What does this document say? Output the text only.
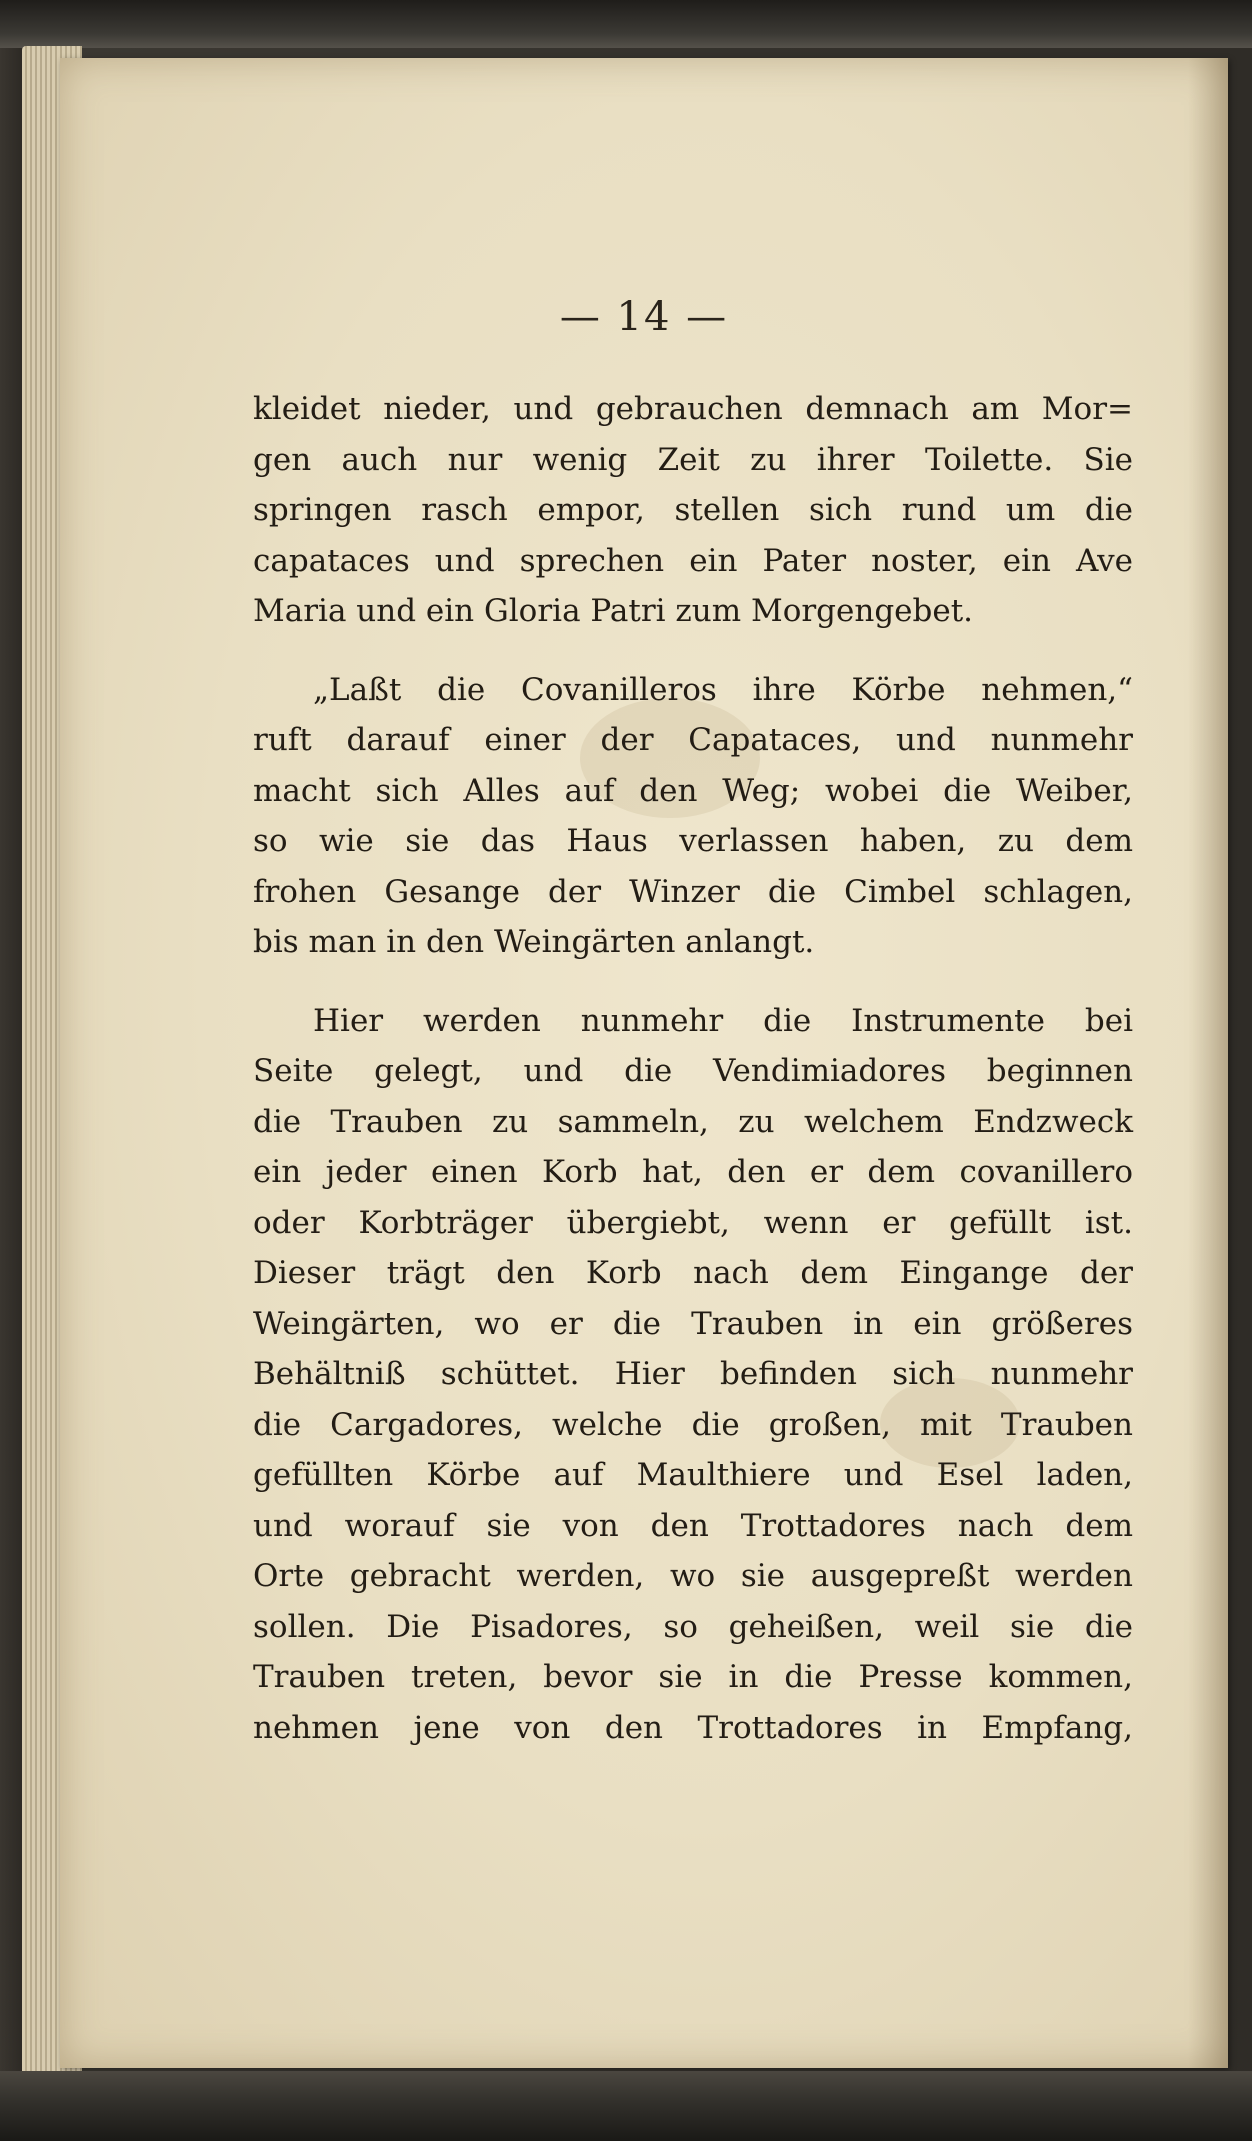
— 14 —
kleidet nieder, und gebrauchen demnach am Mor=
gen auch nur wenig Zeit zu ihrer Toilette. Sie
springen rasch empor, stellen sich rund um die
capataces und sprechen ein Pater noster, ein Ave
Maria und ein Gloria Patri zum Morgengebet.
„Laßt die Covanilleros ihre Körbe nehmen,“
ruft darauf einer der Capataces, und nunmehr
macht sich Alles auf den Weg; wobei die Weiber,
so wie sie das Haus verlassen haben, zu dem
frohen Gesange der Winzer die Cimbel schlagen,
bis man in den Weingärten anlangt.
Hier werden nunmehr die Instrumente bei
Seite gelegt, und die Vendimiadores beginnen
die Trauben zu sammeln, zu welchem Endzweck
ein jeder einen Korb hat, den er dem covanillero
oder Korbträger übergiebt, wenn er gefüllt ist.
Dieser trägt den Korb nach dem Eingange der
Weingärten, wo er die Trauben in ein größeres
Behältniß schüttet. Hier befinden sich nunmehr
die Cargadores, welche die großen, mit Trauben
gefüllten Körbe auf Maulthiere und Esel laden,
und worauf sie von den Trottadores nach dem
Orte gebracht werden, wo sie ausgepreßt werden
sollen. Die Pisadores, so geheißen, weil sie die
Trauben treten, bevor sie in die Presse kommen,
nehmen jene von den Trottadores in Empfang,
